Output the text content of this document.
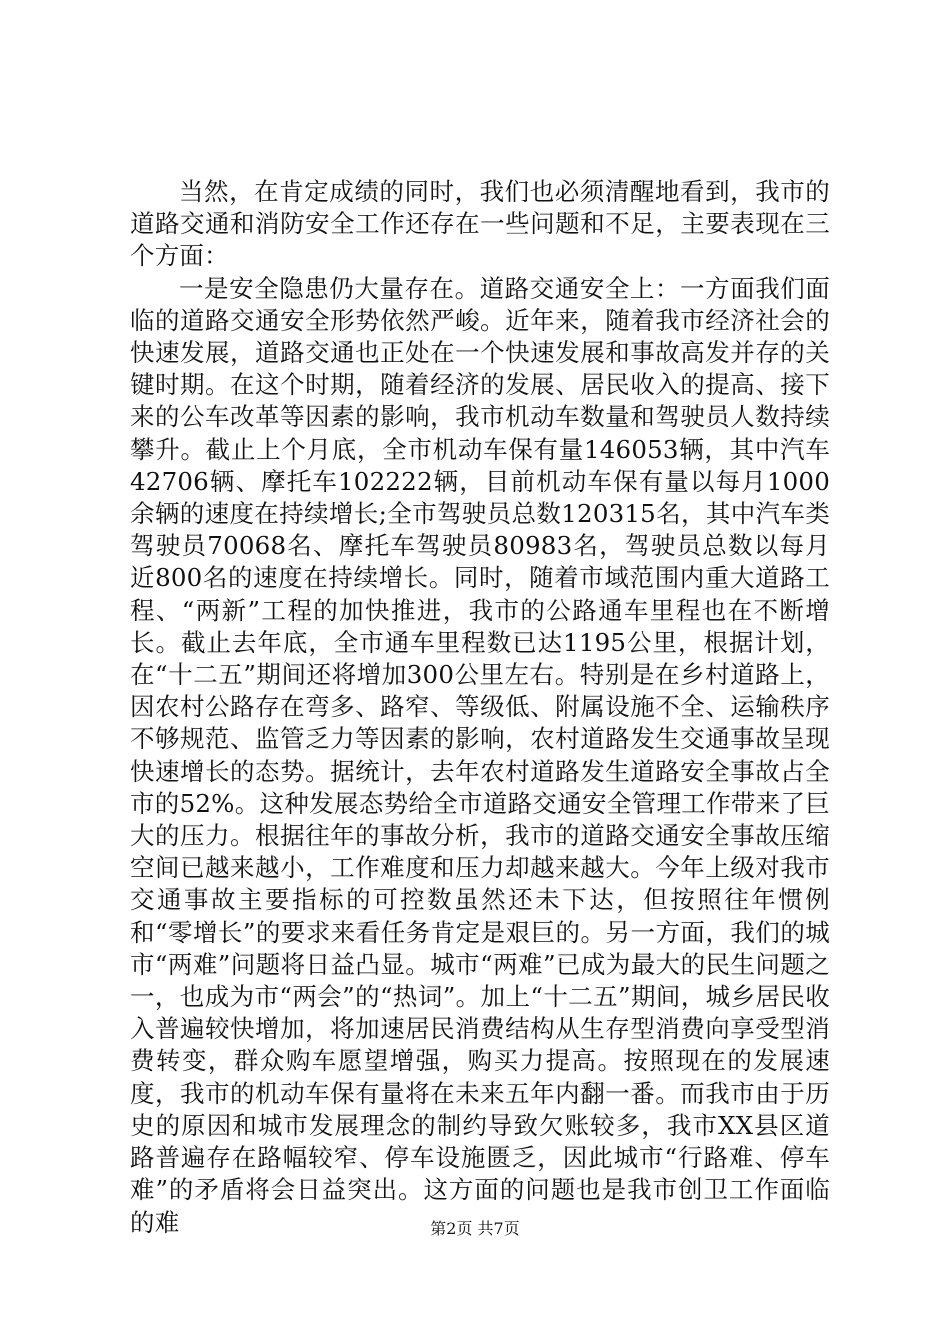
当然，在肯定成绩的同时，我们也必须清醒地看到，我市的道路交通和消防安全工作还存在一些问题和不足，主要表现在三个方面：

一是安全隐患仍大量存在。道路交通安全上：一方面我们面临的道路交通安全形势依然严峻。近年来，随着我市经济社会的快速发展，道路交通也正处在一个快速发展和事故高发并存的关键时期。在这个时期，随着经济的发展、居民收入的提高、接下来的公车改革等因素的影响，我市机动车数量和驾驶员人数持续攀升。截止上个月底，全市机动车保有量146053辆，其中汽车42706辆、摩托车102222辆，目前机动车保有量以每月1000余辆的速度在持续增长;全市驾驶员总数120315名，其中汽车类驾驶员70068名、摩托车驾驶员80983名，驾驶员总数以每月近800名的速度在持续增长。同时，随着市域范围内重大道路工程、“两新”工程的加快推进，我市的公路通车里程也在不断增长。截止去年底，全市通车里程数已达1195公里，根据计划，在“十二五”期间还将增加300公里左右。特别是在乡村道路上，因农村公路存在弯多、路窄、等级低、附属设施不全、运输秩序不够规范、监管乏力等因素的影响，农村道路发生交通事故呈现快速增长的态势。据统计，去年农村道路发生道路安全事故占全市的52%。这种发展态势给全市道路交通安全管理工作带来了巨大的压力。根据往年的事故分析，我市的道路交通安全事故压缩空间已越来越小，工作难度和压力却越来越大。今年上级对我市交通事故主要指标的可控数虽然还未下达，但按照往年惯例和“零增长”的要求来看任务肯定是艰巨的。另一方面，我们的城市“两难”问题将日益凸显。城市“两难”已成为最大的民生问题之一，也成为市“两会”的“热词”。加上“十二五”期间，城乡居民收入普遍较快增加，将加速居民消费结构从生存型消费向享受型消费转变，群众购车愿望增强，购买力提高。按照现在的发展速度，我市的机动车保有量将在未来五年内翻一番。而我市由于历史的原因和城市发展理念的制约导致欠账较多，我市XX县区道路普遍存在路幅较窄、停车设施匮乏，因此城市“行路难、停车难”的矛盾将会日益突出。这方面的问题也是我市创卫工作面临的难	第2页 共7页
